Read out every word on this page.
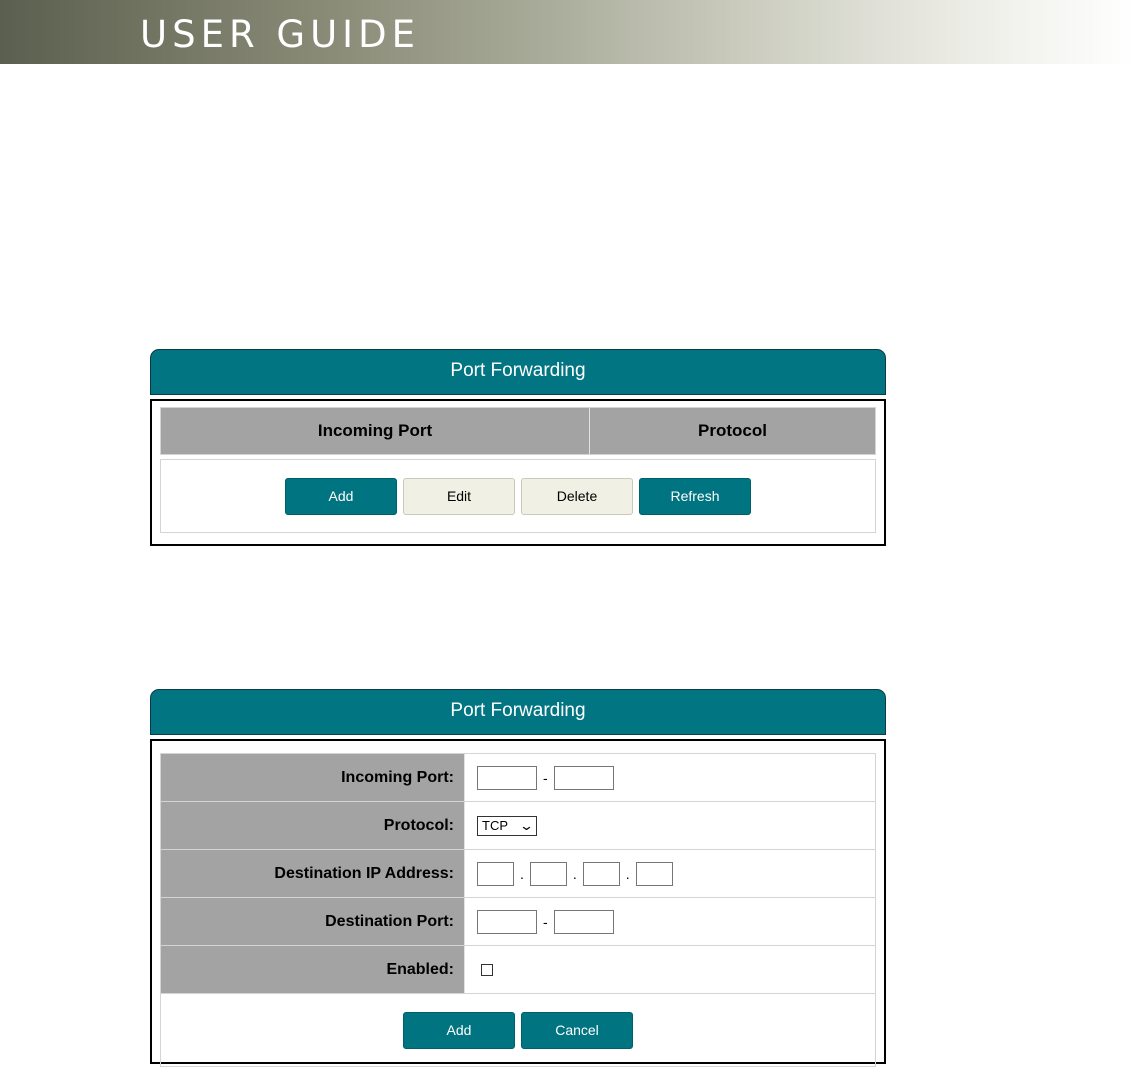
USER GUIDE
Port Forwarding
Incoming Port	Protocol
Add	Edit	Delete	Refresh
Port Forwarding
Incoming Port:	-
Protocol:	TCP ⌄
Destination IP Address:	.	.	.
Destination Port:	-
Enabled:
Add	Cancel
